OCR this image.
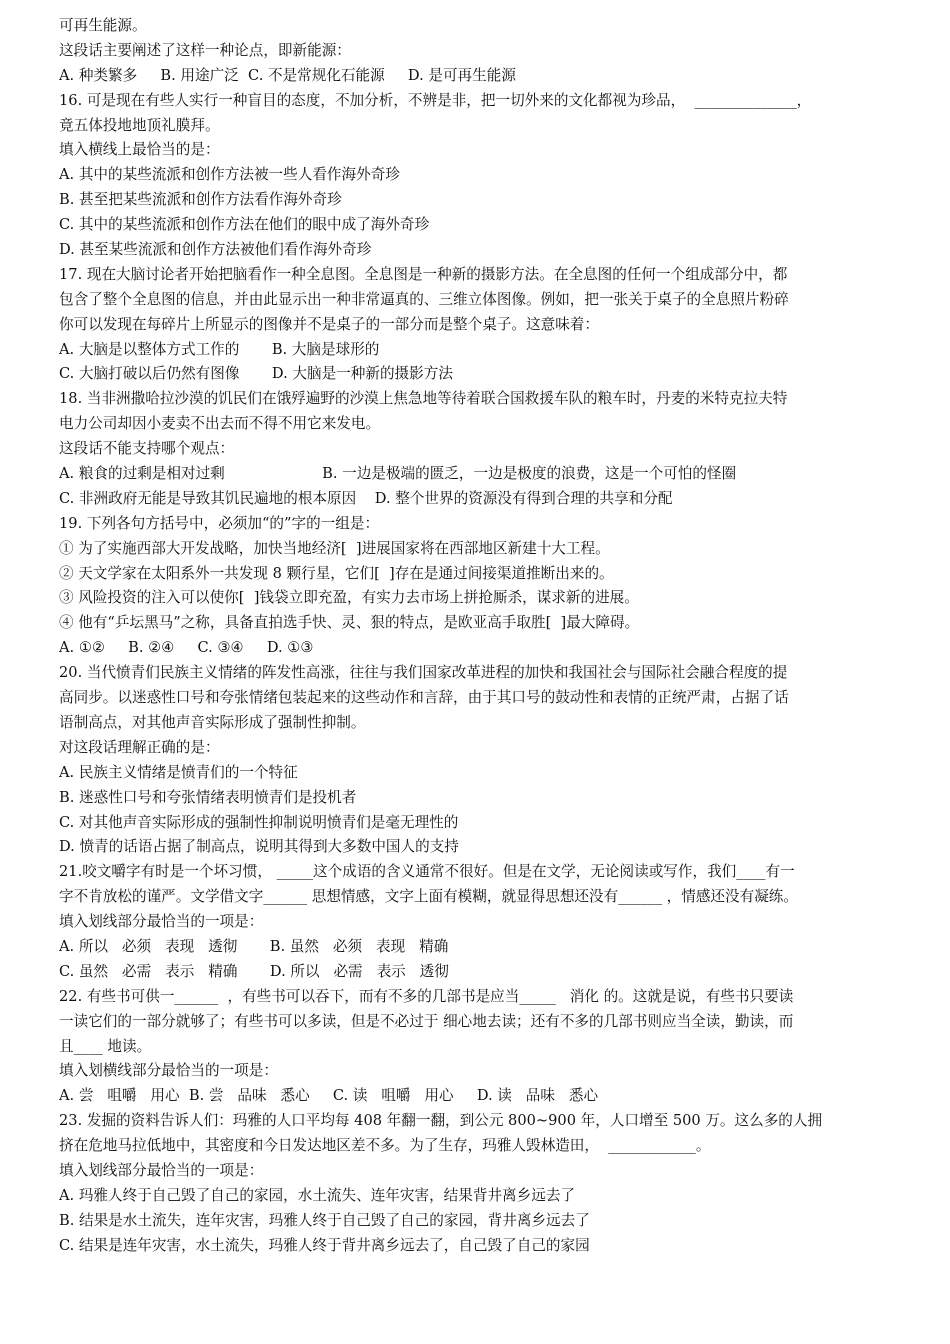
可再生能源。
这段话主要阐述了这样一种论点，即新能源：
A. 种类繁多     B. 用途广泛  C. 不是常规化石能源     D. 是可再生能源
16. 可是现在有些人实行一种盲目的态度，不加分析，不辨是非，把一切外来的文化都视为珍品，  ______________，
竟五体投地地顶礼膜拜。
填入横线上最恰当的是：
A. 其中的某些流派和创作方法被一些人看作海外奇珍
B. 甚至把某些流派和创作方法看作海外奇珍
C. 其中的某些流派和创作方法在他们的眼中成了海外奇珍
D. 甚至某些流派和创作方法被他们看作海外奇珍
17. 现在大脑讨论者开始把脑看作一种全息图。全息图是一种新的摄影方法。在全息图的任何一个组成部分中，都
包含了整个全息图的信息，并由此显示出一种非常逼真的、三维立体图像。例如，把一张关于桌子的全息照片粉碎
你可以发现在每碎片上所显示的图像并不是桌子的一部分而是整个桌子。这意味着：
A. 大脑是以整体方式工作的       B. 大脑是球形的
C. 大脑打破以后仍然有图像       D. 大脑是一种新的摄影方法
18. 当非洲撒哈拉沙漠的饥民们在饿殍遍野的沙漠上焦急地等待着联合国救援车队的粮车时，丹麦的米特克拉夫特
电力公司却因小麦卖不出去而不得不用它来发电。
这段话不能支持哪个观点：
A. 粮食的过剩是相对过剩                     B. 一边是极端的匮乏，一边是极度的浪费，这是一个可怕的怪圈
C. 非洲政府无能是导致其饥民遍地的根本原因    D. 整个世界的资源没有得到合理的共享和分配
19. 下列各句方括号中，必须加“的”字的一组是：
① 为了实施西部大开发战略，加快当地经济[  ]进展国家将在西部地区新建十大工程。
② 天文学家在太阳系外一共发现 8 颗行星，它们[  ]存在是通过间接渠道推断出来的。
③ 风险投资的注入可以使你[  ]钱袋立即充盈，有实力去市场上拼抢厮杀，谋求新的进展。
④ 他有“乒坛黑马”之称，具备直拍选手快、灵、狠的特点，是欧亚高手取胜[  ]最大障碍。
A. ①②     B. ②④     C. ③④     D. ①③
20. 当代愤青们民族主义情绪的阵发性高涨，往往与我们国家改革进程的加快和我国社会与国际社会融合程度的提
高同步。以迷惑性口号和夸张情绪包装起来的这些动作和言辞，由于其口号的鼓动性和表情的正统严肃，占据了话
语制高点，对其他声音实际形成了强制性抑制。
对这段话理解正确的是：
A. 民族主义情绪是愤青们的一个特征
B. 迷惑性口号和夸张情绪表明愤青们是投机者
C. 对其他声音实际形成的强制性抑制说明愤青们是毫无理性的
D. 愤青的话语占据了制高点，说明其得到大多数中国人的支持
21.咬文嚼字有时是一个坏习惯， _____这个成语的含义通常不很好。但是在文学，无论阅读或写作，我们____有一
字不肯放松的谨严。文学借文字______ 思想情感，文字上面有模糊，就显得思想还没有______ ，情感还没有凝练。
填入划线部分最恰当的一项是：
A. 所以   必须   表现   透彻       B. 虽然   必须   表现   精确
C. 虽然   必需   表示   精确       D. 所以   必需   表示   透彻
22. 有些书可供一______  ，有些书可以吞下，而有不多的几部书是应当_____   消化 的。这就是说，有些书只要读
一读它们的一部分就够了；有些书可以多读，但是不必过于 细心地去读；还有不多的几部书则应当全读，勤读，而
且____ 地读。
填入划横线部分最恰当的一项是：
A. 尝   咀嚼   用心  B. 尝   品味   悉心     C. 读   咀嚼   用心     D. 读   品味   悉心
23. 发掘的资料告诉人们：玛雅的人口平均每 408 年翻一翻，到公元 800~900 年，人口增至 500 万。这么多的人拥
挤在危地马拉低地中，其密度和今日发达地区差不多。为了生存，玛雅人毁林造田，  ____________。
填入划线部分最恰当的一项是：
A. 玛雅人终于自己毁了自己的家园，水土流失、连年灾害，结果背井离乡远去了
B. 结果是水土流失，连年灾害，玛雅人终于自己毁了自己的家园，背井离乡远去了
C. 结果是连年灾害，水土流失，玛雅人终于背井离乡远去了，自己毁了自己的家园
